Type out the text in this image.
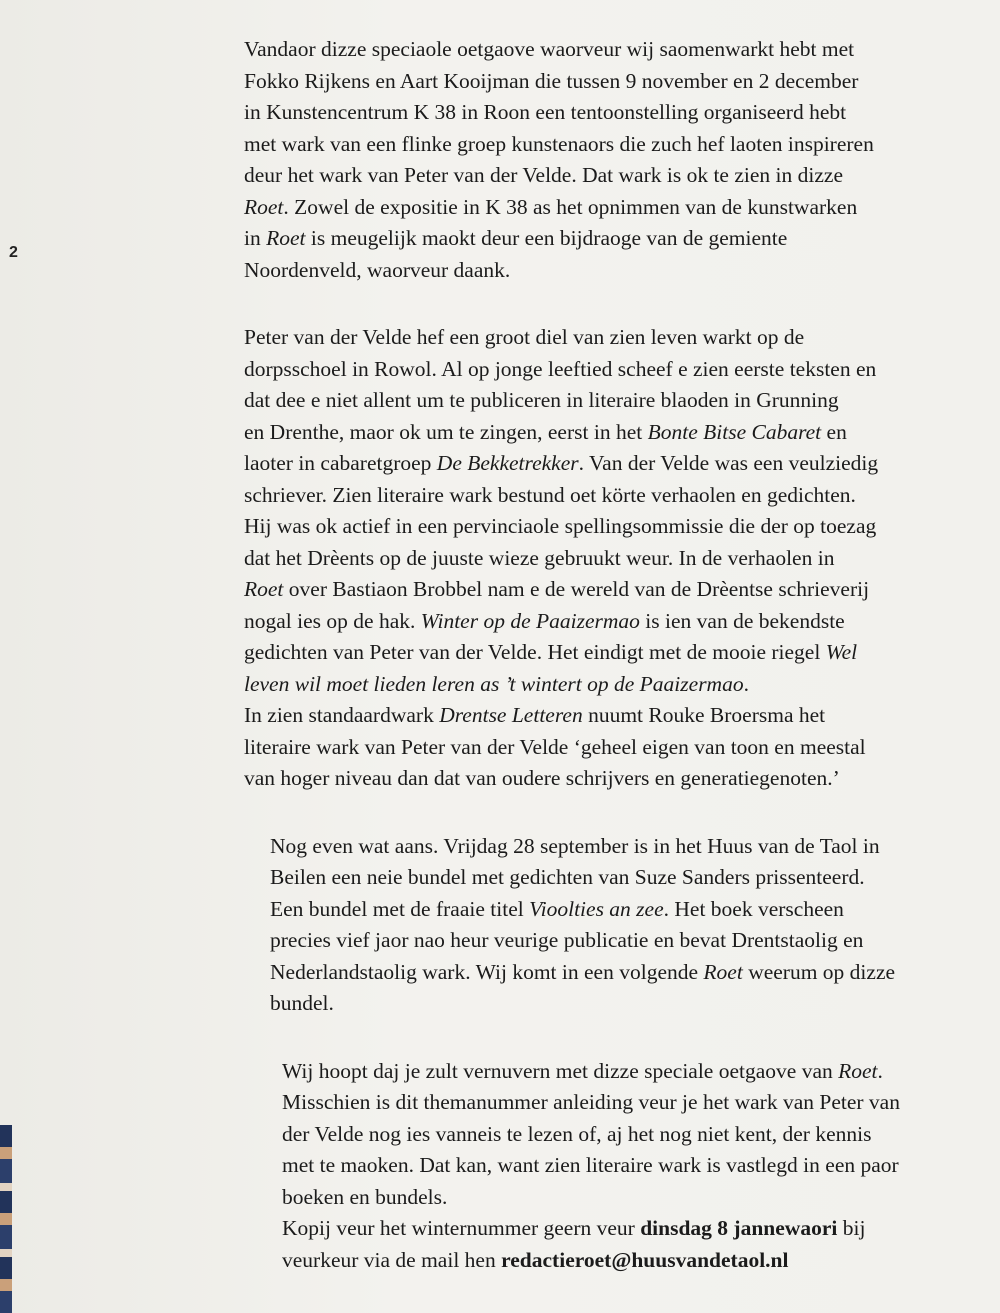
2
Vandaor dizze speciaole oetgaove waorveur wij saomenwarkt hebt met
Fokko Rijkens en Aart Kooijman die tussen 9 november en 2 december
in Kunstencentrum K 38 in Roon een tentoonstelling organiseerd hebt
met wark van een flinke groep kunstenaors die zuch hef laoten inspireren
deur het wark van Peter van der Velde. Dat wark is ok te zien in dizze
Roet. Zowel de expositie in K 38 as het opnimmen van de kunstwarken
in Roet is meugelijk maokt deur een bijdraoge van de gemiente
Noordenveld, waorveur daank.
Peter van der Velde hef een groot diel van zien leven warkt op de
dorpsschoel in Rowol. Al op jonge leeftied scheef e zien eerste teksten en
dat dee e niet allent um te publiceren in literaire blaoden in Grunning
en Drenthe, maor ok um te zingen, eerst in het Bonte Bitse Cabaret en
laoter in cabaretgroep De Bekketrekker. Van der Velde was een veulziedig
schriever. Zien literaire wark bestund oet körte verhaolen en gedichten.
Hij was ok actief in een pervinciaole spellingsommissie die der op toezag
dat het Drèents op de juuste wieze gebruukt weur. In de verhaolen in
Roet over Bastiaon Brobbel nam e de wereld van de Drèentse schrieverij
nogal ies op de hak. Winter op de Paaizermao is ien van de bekendste
gedichten van Peter van der Velde. Het eindigt met de mooie riegel Wel
leven wil moet lieden leren as ’t wintert op de Paaizermao.
In zien standaardwark Drentse Letteren nuumt Rouke Broersma het
literaire wark van Peter van der Velde ‘geheel eigen van toon en meestal
van hoger niveau dan dat van oudere schrijvers en generatiegenoten.’
Nog even wat aans. Vrijdag 28 september is in het Huus van de Taol in
Beilen een neie bundel met gedichten van Suze Sanders prissenteerd.
Een bundel met de fraaie titel Vioolties an zee. Het boek verscheen
precies vief jaor nao heur veurige publicatie en bevat Drentstaolig en
Nederlandstaolig wark. Wij komt in een volgende Roet weerum op dizze
bundel.
Wij hoopt daj je zult vernuvern met dizze speciale oetgaove van Roet.
Misschien is dit themanummer anleiding veur je het wark van Peter van
der Velde nog ies vanneis te lezen of, aj het nog niet kent, der kennis
met te maoken. Dat kan, want zien literaire wark is vastlegd in een paor
boeken en bundels.
Kopij veur het winternummer geern veur dinsdag 8 jannewaori bij
veurkeur via de mail hen redactieroet@huusvandetaol.nl
